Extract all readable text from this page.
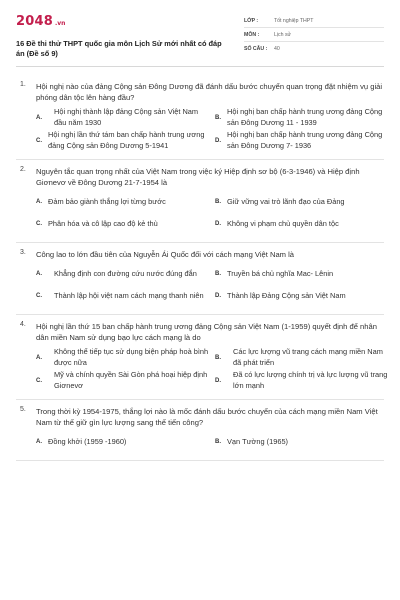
2048 .vn
16 Đề thi thử THPT quốc gia môn Lịch Sử mới nhất có đáp án (Đề số 9)
LỚP :	Tốt nghiệp THPT
MÔN :	Lịch sử
SỐ CÂU :	40
1. Hội nghị nào của đảng Cộng sản Đông Dương đã đánh dấu bước chuyển quan trọng đặt nhiệm vụ giải phóng dân tộc lên hàng đầu?
A.
Hội nghị thành lập đảng Cộng sản Việt Nam đầu năm 1930	B.
Hội nghị ban chấp hành trung ương đảng Cộng sản Đông Dương 11 - 1939
C.
Hội nghị lần thứ tám ban chấp hành trung ương đảng Cộng sản Đông Dương 5-1941	D.
Hội nghị ban chấp hành trung ương đảng Cộng sản Đông Dương 7- 1936
2. Nguyên tắc quan trọng nhất của Việt Nam trong việc ký Hiệp định sơ bộ (6-3-1946) và Hiệp định Giơnevơ về Đông Dương 21-7-1954 là
A. Đảm bảo giành thắng lợi từng bước	B. Giữ vững vai trò lãnh đạo của Đảng
C. Phân hóa và cô lập cao độ kẻ thù	D. Không vi phạm chủ quyền dân tộc
3. Công lao to lớn đầu tiên của Nguyễn Ái Quốc đối với cách mạng Việt Nam là
A.	Khẳng định con đường cứu nước đúng đắn	B. Truyền bá chủ nghĩa Mac- Lênin
C.	Thành lập hội việt nam cách mạng thanh niên D. Thành lập Đảng Cộng sản Việt Nam
4. Hội nghị lần thứ 15 ban chấp hành trung ương đảng Cộng sản Việt Nam (1-1959) quyết định để nhân dân miền Nam sử dụng bạo lực cách mạng là do
A.
Không thể tiếp tục sử dụng biện pháp hoà bình được nữa	B.
Các lực lượng vũ trang cách mạng miền Nam đã phát triển
C.
Mỹ và chính quyền Sài Gòn phá hoại hiệp định Giơnevơ	D.
Đã có lực lượng chính trị và lực lượng vũ trang lớn mạnh
5. Trong thời kỳ 1954-1975, thắng lợi nào là mốc đánh dấu bước chuyển của cách mạng miền Nam Việt Nam từ thế giữ gìn lực lượng sang thế tiến công?
A. Đồng khởi (1959 -1960)	B. Vạn Tường (1965)
